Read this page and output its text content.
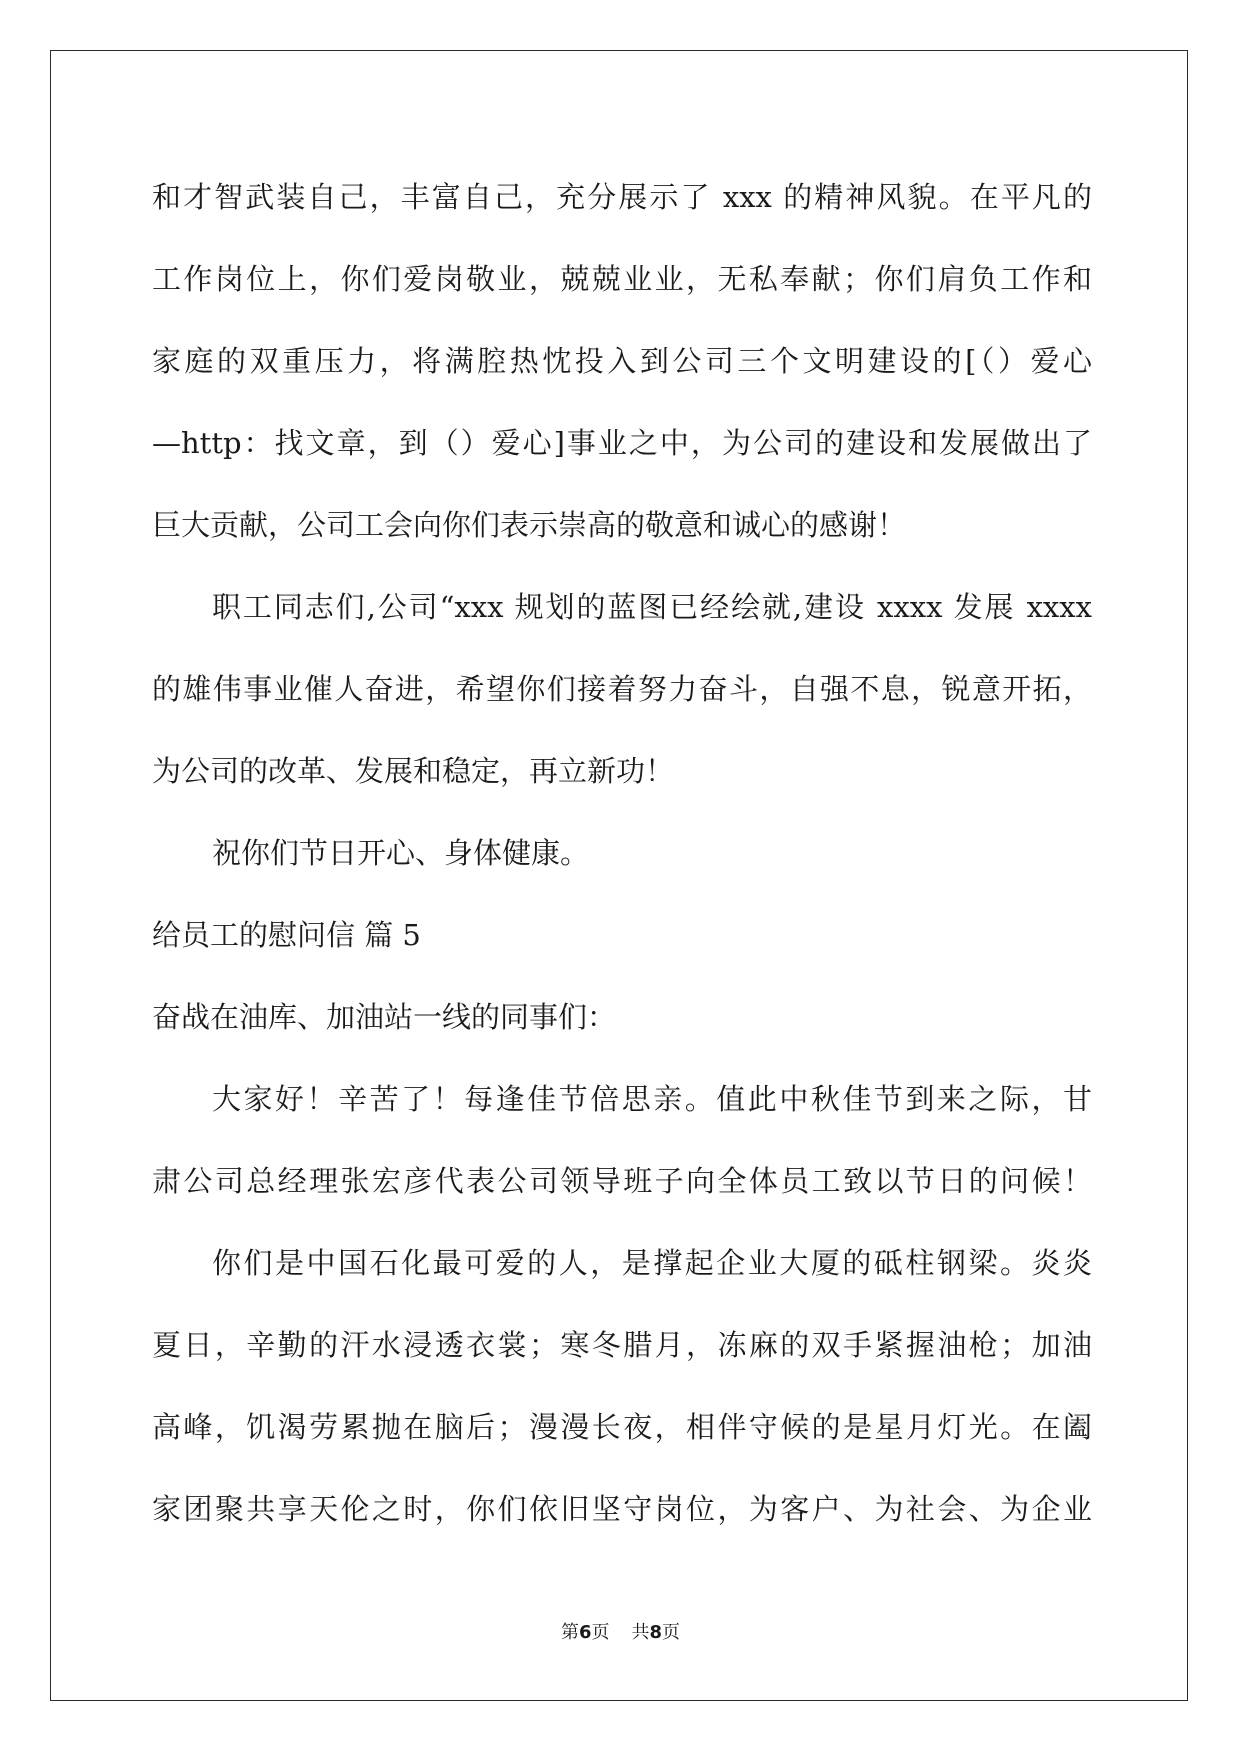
和才智武装自己，丰富自己，充分展示了 xxx 的精神风貌。在平凡的
工作岗位上，你们爱岗敬业，兢兢业业，无私奉献；你们肩负工作和
家庭的双重压力，将满腔热忱投入到公司三个文明建设的[（）爱心
—http：找文章，到（）爱心]事业之中，为公司的建设和发展做出了
巨大贡献，公司工会向你们表示崇高的敬意和诚心的感谢！
职工同志们,公司“xxx 规划的蓝图已经绘就,建设 xxxx 发展 xxxx
的雄伟事业催人奋进，希望你们接着努力奋斗，自强不息，锐意开拓，
为公司的改革、发展和稳定，再立新功！
祝你们节日开心、身体健康。
给员工的慰问信 篇 5
奋战在油库、加油站一线的同事们：
大家好！辛苦了！每逢佳节倍思亲。值此中秋佳节到来之际，甘
肃公司总经理张宏彦代表公司领导班子向全体员工致以节日的问候！
你们是中国石化最可爱的人，是撑起企业大厦的砥柱钢梁。炎炎
夏日，辛勤的汗水浸透衣裳；寒冬腊月，冻麻的双手紧握油枪；加油
高峰，饥渴劳累抛在脑后；漫漫长夜，相伴守候的是星月灯光。在阖
家团聚共享天伦之时，你们依旧坚守岗位，为客户、为社会、为企业
第6页 共8页
